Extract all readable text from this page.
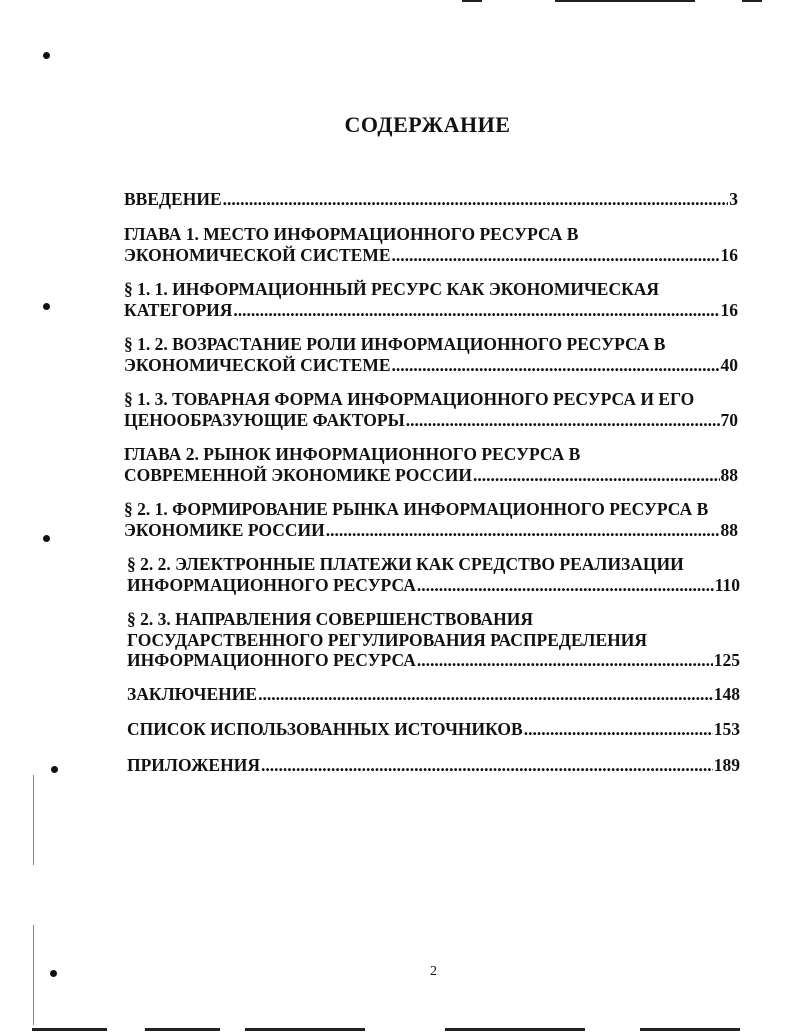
СОДЕРЖАНИЕ
ВВЕДЕНИЕ .....	3
ГЛАВА 1. МЕСТО ИНФОРМАЦИОННОГО РЕСУРСА В
ЭКОНОМИЧЕСКОЙ СИСТЕМЕ .....	16
§ 1. 1. ИНФОРМАЦИОННЫЙ РЕСУРС КАК ЭКОНОМИЧЕСКАЯ
КАТЕГОРИЯ .....	16
§ 1. 2. ВОЗРАСТАНИЕ РОЛИ ИНФОРМАЦИОННОГО РЕСУРСА В
ЭКОНОМИЧЕСКОЙ СИСТЕМЕ .....	40
§ 1. 3. ТОВАРНАЯ ФОРМА ИНФОРМАЦИОННОГО РЕСУРСА И ЕГО
ЦЕНООБРАЗУЮЩИЕ ФАКТОРЫ .....	70
ГЛАВА 2. РЫНОК ИНФОРМАЦИОННОГО РЕСУРСА В
СОВРЕМЕННОЙ ЭКОНОМИКЕ РОССИИ .....	88
§ 2. 1. ФОРМИРОВАНИЕ РЫНКА ИНФОРМАЦИОННОГО РЕСУРСА В
ЭКОНОМИКЕ РОССИИ .....	88
§ 2. 2. ЭЛЕКТРОННЫЕ ПЛАТЕЖИ КАК СРЕДСТВО РЕАЛИЗАЦИИ
ИНФОРМАЦИОННОГО РЕСУРСА .....	110
§ 2. 3. НАПРАВЛЕНИЯ СОВЕРШЕНСТВОВАНИЯ
ГОСУДАРСТВЕННОГО РЕГУЛИРОВАНИЯ РАСПРЕДЕЛЕНИЯ
ИНФОРМАЦИОННОГО РЕСУРСА .....	125
ЗАКЛЮЧЕНИЕ .....	148
СПИСОК ИСПОЛЬЗОВАННЫХ ИСТОЧНИКОВ .....	153
ПРИЛОЖЕНИЯ .....	189
2
